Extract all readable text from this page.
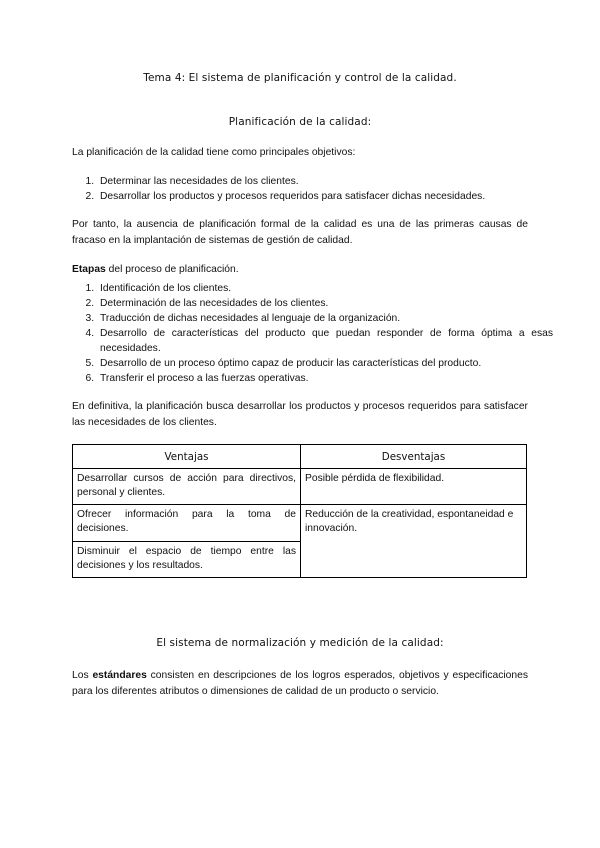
Tema 4: El sistema de planificación y control de la calidad.
Planificación de la calidad:

La planificación de la calidad tiene como principales objetivos:

1. Determinar las necesidades de los clientes.
2. Desarrollar los productos y procesos requeridos para satisfacer dichas necesidades.

Por tanto, la ausencia de planificación formal de la calidad es una de las primeras causas de fracaso en la implantación de sistemas de gestión de calidad.

Etapas del proceso de planificación.

1. Identificación de los clientes.
2. Determinación de las necesidades de los clientes.
3. Traducción de dichas necesidades al lenguaje de la organización.
4. Desarrollo de características del producto que puedan responder de forma óptima a esas necesidades.
5. Desarrollo de un proceso óptimo capaz de producir las características del producto.
6. Transferir el proceso a las fuerzas operativas.

En definitiva, la planificación busca desarrollar los productos y procesos requeridos para satisfacer las necesidades de los clientes.

Ventajas	Desventajas
Desarrollar cursos de acción para directivos, personal y clientes.	Posible pérdida de flexibilidad.
Ofrecer información para la toma de decisiones.	Reducción de la creatividad, espontaneidad e innovación.
Disminuir el espacio de tiempo entre las decisiones y los resultados.	
El sistema de normalización y medición de la calidad:

Los estándares consisten en descripciones de los logros esperados, objetivos y especificaciones para los diferentes atributos o dimensiones de calidad de un producto o servicio.
